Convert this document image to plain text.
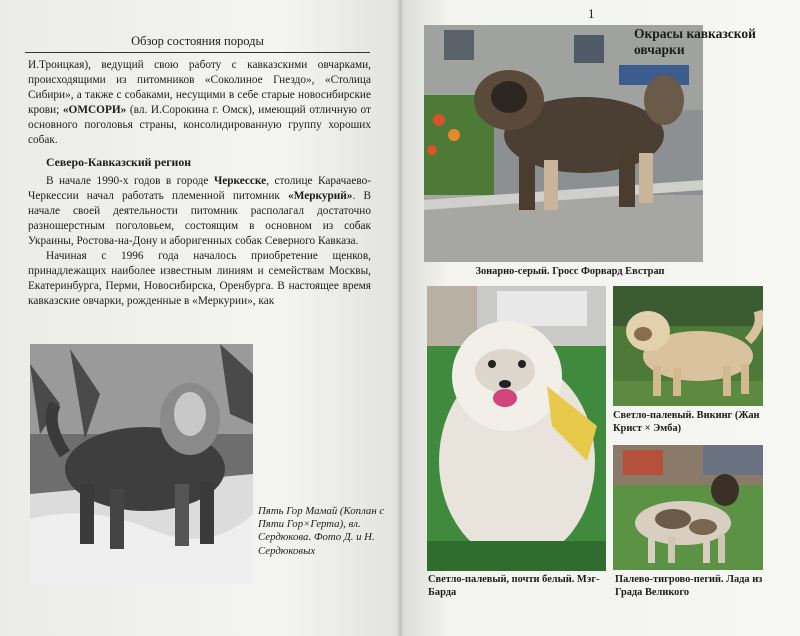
Обзор состояния породы

И.Троицкая), ведущий свою работу с кавказскими овчарками, происходящими из питомников «Соколиное Гнездо», «Столица Сибири», а также с собаками, несущими в себе старые новосибирские крови; «ОМСОРИ» (вл. И.Сорокина г. Омск), имеющий отличную от основного поголовья страны, консолидированную группу хороших собак.

Северо-Кавказский регион

В начале 1990-х годов в городе Черкесске, столице Карачаево-Черкессии начал работать племенной питомник «Меркурий». В начале своей деятельности питомник располагал достаточно разношерстным поголовьем, состоящим в основном из собак Украины, Ростова-на-Дону и аборигенных собак Северного Кавказа.

Начиная с 1996 года началось приобретение щенков, принадлежащих наиболее известным линиям и семействам Москвы, Екатеринбурга, Перми, Новосибирска, Оренбурга. В настоящее время кавказские овчарки, рожденные в «Меркурии», как

Пять Гор Мамай (Коплан с Пяти Гор×Герта), вл. Сердюкова. Фото Д. и Н. Сердюковых
1
Окрасы кавказской овчарки
Зонарно-серый. Гросс Форвард Евстрап
Светло-палевый, почти белый. Мэг-Барда
Светло-палевый. Викинг (Жан Крист × Эмба)
Палево-тигрово-пегий. Лада из Града Великого
